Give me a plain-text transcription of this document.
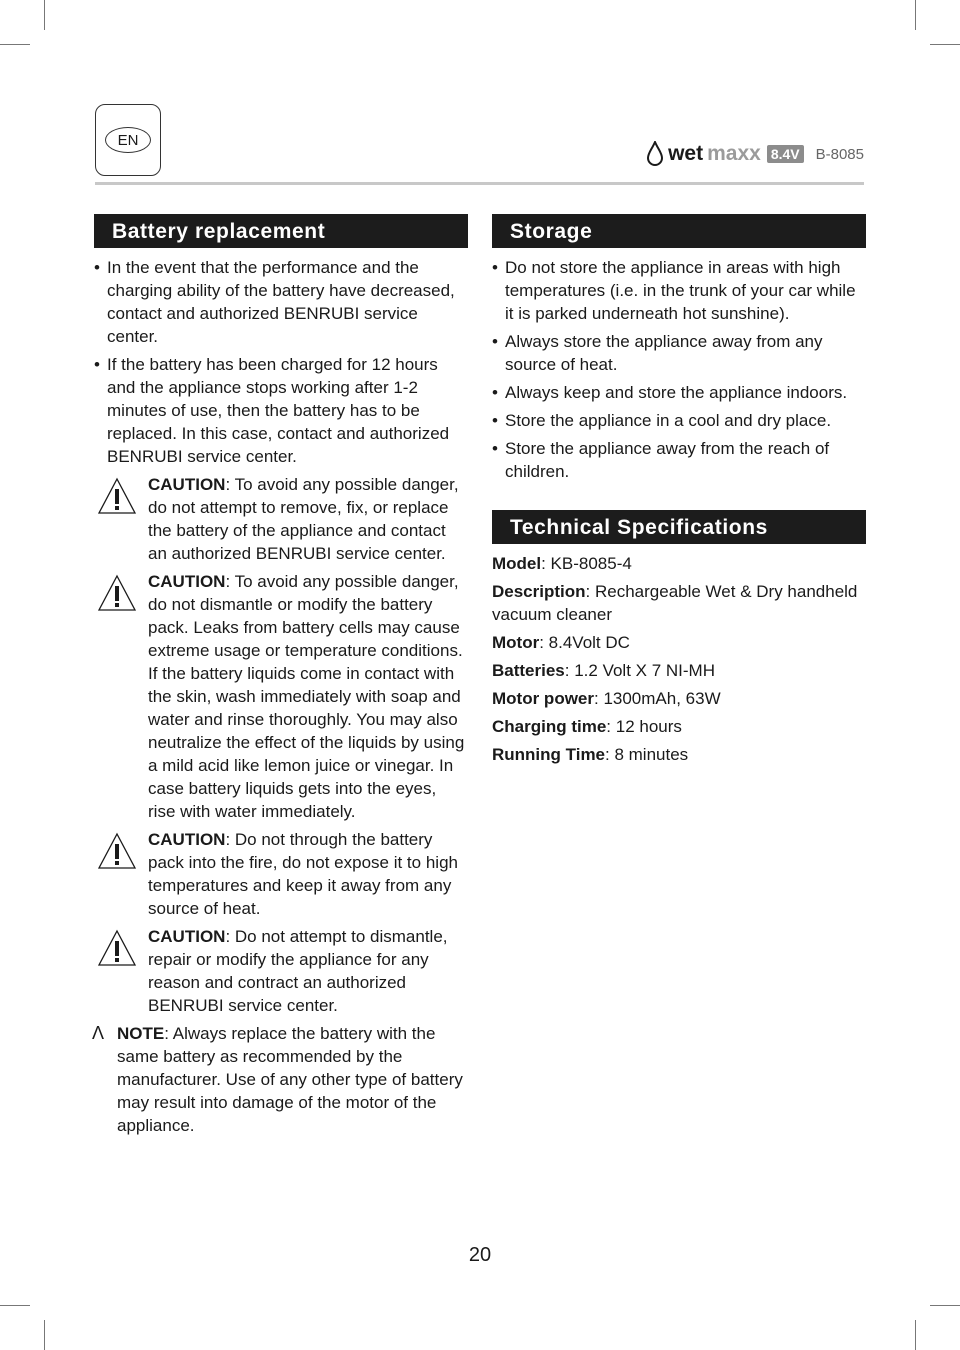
EN
wet maxx 8.4V B-8085
Battery replacement
• In the event that the performance and the charging ability of the battery have decreased, contact and authorized BENRUBI service center.
• If the battery has been charged for 12 hours and the appliance stops working after 1-2 minutes of use, then the battery has to be replaced. In this case, contact and authorized BENRUBI service center.
CAUTION: To avoid any possible danger, do not attempt to remove, fix, or replace the battery of the appliance and contact an authorized BENRUBI service center.
CAUTION: To avoid any possible danger, do not dismantle or modify the battery pack. Leaks from battery cells may cause extreme usage or temperature conditions. If the battery liquids come in contact with the skin, wash immediately with soap and water and rinse thoroughly. You may also neutralize the effect of the liquids by using a mild acid like lemon juice or vinegar. In case battery liquids gets into the eyes, rise with water immediately.
CAUTION: Do not through the battery pack into the fire, do not expose it to high temperatures and keep it away from any source of heat.
CAUTION: Do not attempt to dismantle, repair or modify the appliance for any reason and contract an authorized BENRUBI service center.
Λ NOTE: Always replace the battery with the same battery as recommended by the manufacturer. Use of any other type of battery may result into damage of the motor of the appliance.
Storage
• Do not store the appliance in areas with high temperatures (i.e. in the trunk of your car while it is parked underneath hot sunshine).
• Always store the appliance away from any source of heat.
• Always keep and store the appliance indoors.
• Store the appliance in a cool and dry place.
• Store the appliance away from the reach of children.
Technical Specifications
Model: KB-8085-4
Description: Rechargeable Wet & Dry handheld vacuum cleaner
Motor: 8.4Volt DC
Batteries: 1.2 Volt X 7 NI-MH
Motor power: 1300mAh, 63W
Charging time: 12 hours
Running Time: 8 minutes
20
